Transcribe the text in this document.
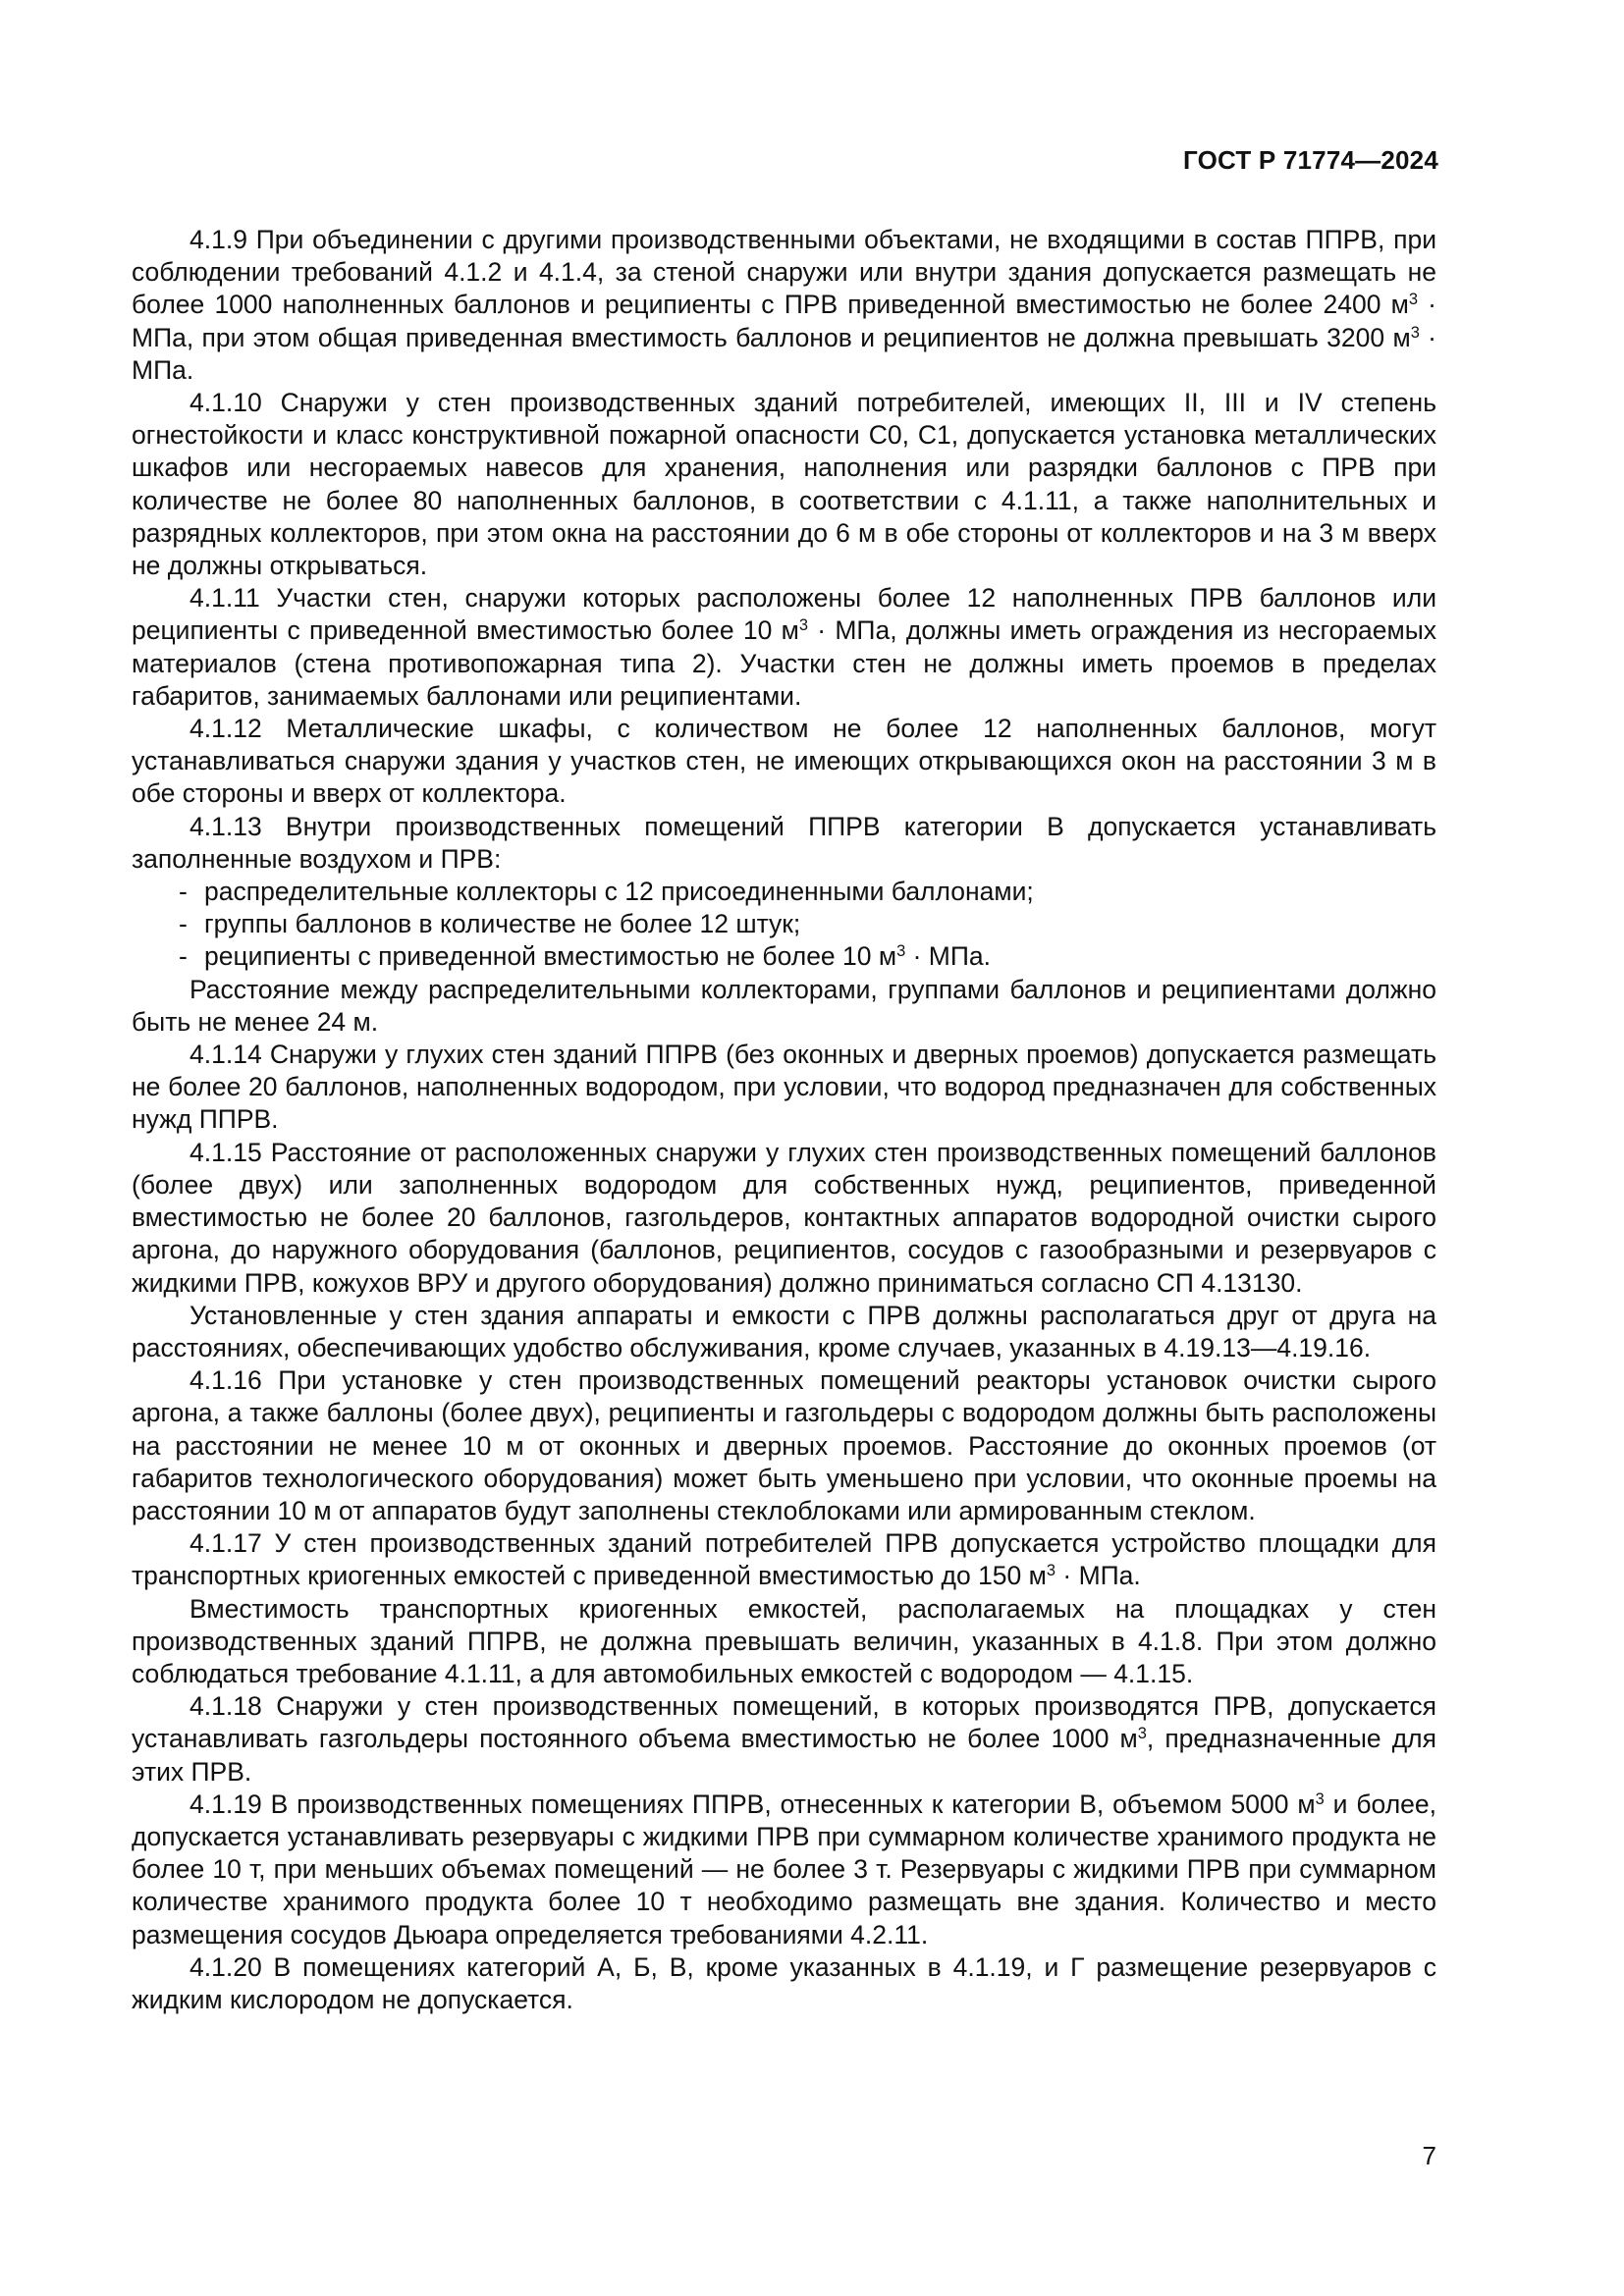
ГОСТ Р 71774—2024

4.1.9 При объединении с другими производственными объектами, не входящими в состав ППРВ, при соблюдении требований 4.1.2 и 4.1.4, за стеной снаружи или внутри здания допускается размещать не более 1000 наполненных баллонов и реципиенты с ПРВ приведенной вместимостью не более 2400 $м^3$ · МПа, при этом общая приведенная вместимость баллонов и реципиентов не должна превышать 3200 $м^3$ · МПа.

4.1.10 Снаружи у стен производственных зданий потребителей, имеющих II, III и IV степень огнестойкости и класс конструктивной пожарной опасности С0, С1, допускается установка металлических шкафов или несгораемых навесов для хранения, наполнения или разрядки баллонов с ПРВ при количестве не более 80 наполненных баллонов, в соответствии с 4.1.11, а также наполнительных и разрядных коллекторов, при этом окна на расстоянии до 6 м в обе стороны от коллекторов и на 3 м вверх не должны открываться.

4.1.11 Участки стен, снаружи которых расположены более 12 наполненных ПРВ баллонов или реципиенты с приведенной вместимостью более 10 $м^3$ · МПа, должны иметь ограждения из несгораемых материалов (стена противопожарная типа 2). Участки стен не должны иметь проемов в пределах габаритов, занимаемых баллонами или реципиентами.

4.1.12 Металлические шкафы, с количеством не более 12 наполненных баллонов, могут устанавливаться снаружи здания у участков стен, не имеющих открывающихся окон на расстоянии 3 м в обе стороны и вверх от коллектора.

4.1.13 Внутри производственных помещений ППРВ категории В допускается устанавливать заполненные воздухом и ПРВ:

- распределительные коллекторы с 12 присоединенными баллонами;

- группы баллонов в количестве не более 12 штук;

- реципиенты с приведенной вместимостью не более 10 $м^3$ · МПа.

Расстояние между распределительными коллекторами, группами баллонов и реципиентами должно быть не менее 24 м.

4.1.14 Снаружи у глухих стен зданий ППРВ (без оконных и дверных проемов) допускается размещать не более 20 баллонов, наполненных водородом, при условии, что водород предназначен для собственных нужд ППРВ.

4.1.15 Расстояние от расположенных снаружи у глухих стен производственных помещений баллонов (более двух) или заполненных водородом для собственных нужд, реципиентов, приведенной вместимостью не более 20 баллонов, газгольдеров, контактных аппаратов водородной очистки сырого аргона, до наружного оборудования (баллонов, реципиентов, сосудов с газообразными и резервуаров с жидкими ПРВ, кожухов ВРУ и другого оборудования) должно приниматься согласно СП 4.13130.

Установленные у стен здания аппараты и емкости с ПРВ должны располагаться друг от друга на расстояниях, обеспечивающих удобство обслуживания, кроме случаев, указанных в 4.19.13—4.19.16.

4.1.16 При установке у стен производственных помещений реакторы установок очистки сырого аргона, а также баллоны (более двух), реципиенты и газгольдеры с водородом должны быть расположены на расстоянии не менее 10 м от оконных и дверных проемов. Расстояние до оконных проемов (от габаритов технологического оборудования) может быть уменьшено при условии, что оконные проемы на расстоянии 10 м от аппаратов будут заполнены стеклоблоками или армированным стеклом.

4.1.17 У стен производственных зданий потребителей ПРВ допускается устройство площадки для транспортных криогенных емкостей с приведенной вместимостью до 150 $м^3$ · МПа.

Вместимость транспортных криогенных емкостей, располагаемых на площадках у стен производственных зданий ППРВ, не должна превышать величин, указанных в 4.1.8. При этом должно соблюдаться требование 4.1.11, а для автомобильных емкостей с водородом — 4.1.15.

4.1.18 Снаружи у стен производственных помещений, в которых производятся ПРВ, допускается устанавливать газгольдеры постоянного объема вместимостью не более 1000 $м^3$, предназначенные для этих ПРВ.

4.1.19 В производственных помещениях ППРВ, отнесенных к категории В, объемом 5000 $м^3$ и более, допускается устанавливать резервуары с жидкими ПРВ при суммарном количестве хранимого продукта не более 10 т, при меньших объемах помещений — не более 3 т. Резервуары с жидкими ПРВ при суммарном количестве хранимого продукта более 10 т необходимо размещать вне здания. Количество и место размещения сосудов Дьюара определяется требованиями 4.2.11.

4.1.20 В помещениях категорий А, Б, В, кроме указанных в 4.1.19, и Г размещение резервуаров с жидким кислородом не допускается.

7
